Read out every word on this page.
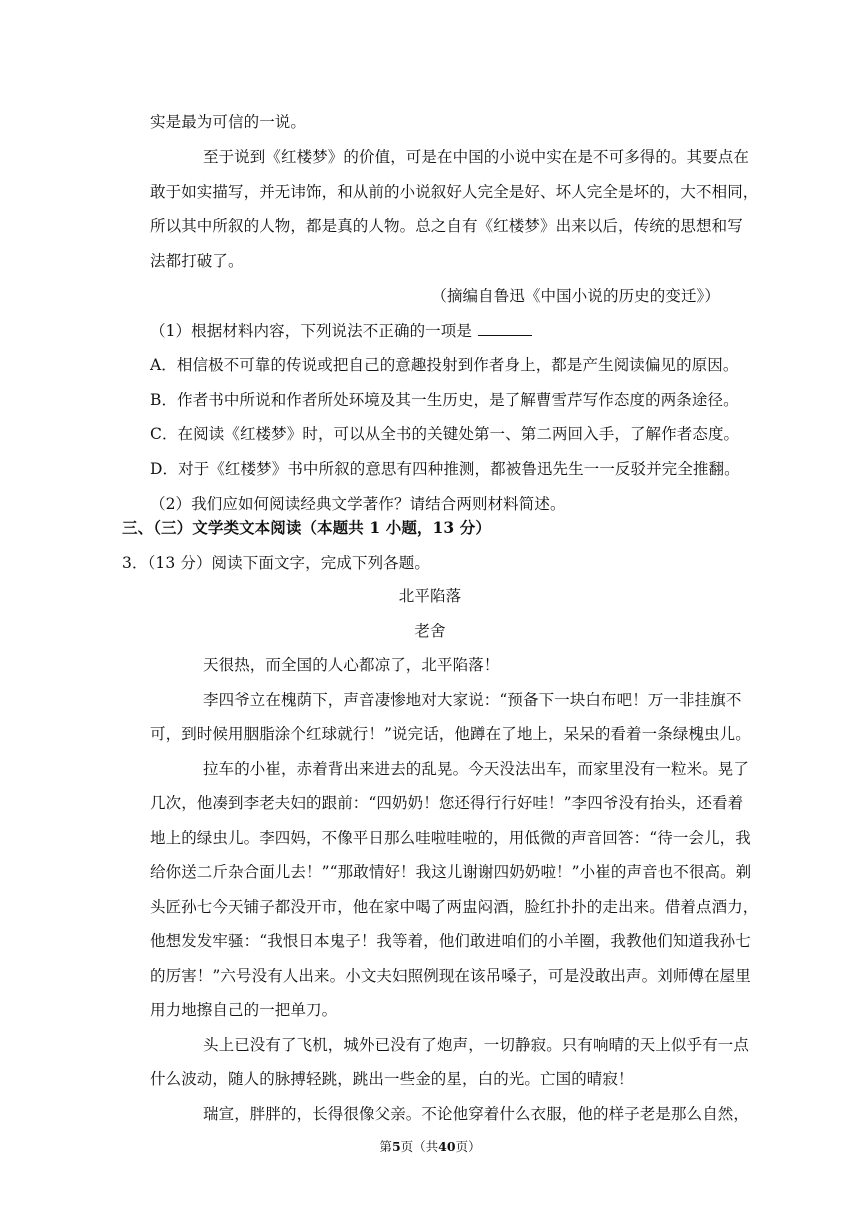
实是最为可信的一说。
至于说到《红楼梦》的价值，可是在中国的小说中实在是不可多得的。其要点在
敢于如实描写，并无讳饰，和从前的小说叙好人完全是好、坏人完全是坏的，大不相同，
所以其中所叙的人物，都是真的人物。总之自有《红楼梦》出来以后，传统的思想和写
法都打破了。
（摘编自鲁迅《中国小说的历史的变迁》）
（1）根据材料内容，下列说法不正确的一项是
A．相信极不可靠的传说或把自己的意趣投射到作者身上，都是产生阅读偏见的原因。
B．作者书中所说和作者所处环境及其一生历史，是了解曹雪芹写作态度的两条途径。
C．在阅读《红楼梦》时，可以从全书的关键处第一、第二两回入手，了解作者态度。
D．对于《红楼梦》书中所叙的意思有四种推测，都被鲁迅先生一一反驳并完全推翻。
（2）我们应如何阅读经典文学著作？请结合两则材料简述。
三、（三）文学类文本阅读（本题共 1 小题，13 分）
3．（13 分）阅读下面文字，完成下列各题。
北平陷落
老舍
天很热，而全国的人心都凉了，北平陷落！
李四爷立在槐荫下，声音凄惨地对大家说：“预备下一块白布吧！万一非挂旗不
可，到时候用胭脂涂个红球就行！”说完话，他蹲在了地上，呆呆的看着一条绿槐虫儿。
拉车的小崔，赤着背出来进去的乱晃。今天没法出车，而家里没有一粒米。晃了
几次，他凑到李老夫妇的跟前：“四奶奶！您还得行行好哇！”李四爷没有抬头，还看着
地上的绿虫儿。李四妈，不像平日那么哇啦哇啦的，用低微的声音回答：“待一会儿，我
给你送二斤杂合面儿去！”“那敢情好！我这儿谢谢四奶奶啦！”小崔的声音也不很高。剃
头匠孙七今天铺子都没开市，他在家中喝了两盅闷酒，脸红扑扑的走出来。借着点酒力，
他想发发牢骚：“我恨日本鬼子！我等着，他们敢进咱们的小羊圈，我教他们知道我孙七
的厉害！”六号没有人出来。小文夫妇照例现在该吊嗓子，可是没敢出声。刘师傅在屋里
用力地擦自己的一把单刀。
头上已没有了飞机，城外已没有了炮声，一切静寂。只有响晴的天上似乎有一点
什么波动，随人的脉搏轻跳，跳出一些金的星，白的光。亡国的晴寂！
瑞宣，胖胖的，长得很像父亲。不论他穿着什么衣服，他的样子老是那么自然，
第5页（共40页）
